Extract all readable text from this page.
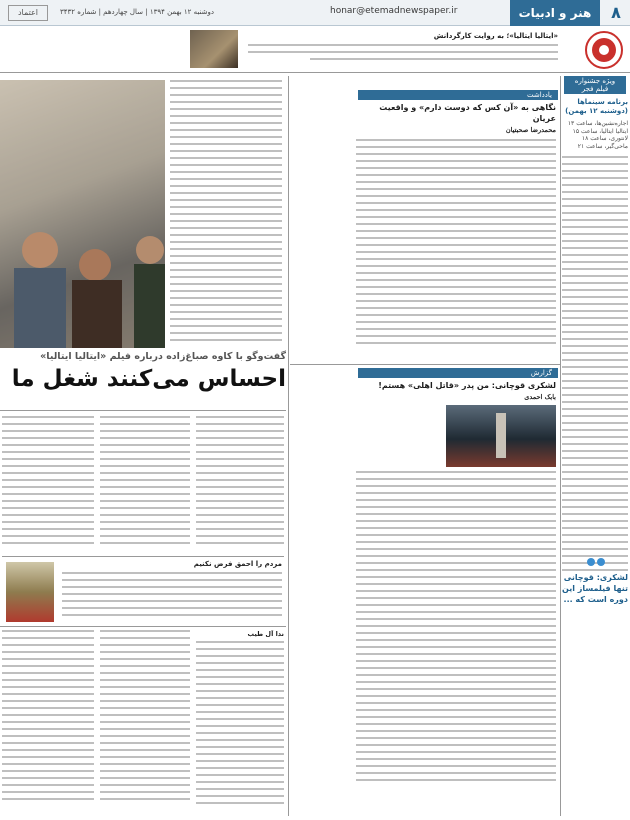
۸
هنر و ادبیات
honar@etemadnewspaper.ir
دوشنبه ۱۲ بهمن ۱۳۹۴ | سال چهاردهم | شماره ۳۴۳۲
اعتماد
«ایتالیا ایتالیا»؛ به روایت کارگردانش
ویژه جشنواره فیلم فجر
برنامه سینماها (دوشنبه ۱۲ بهمن)
اجاره‌نشین‌ها، ساعت ۱۳
ایتالیا ایتالیا، ساعت ۱۵
لانتوری، ساعت ۱۸
ماحی‌گیر، ساعت ۲۱
لشکری: قوچانی تنها فیلمساز این دوره است که ...
یادداشت
نگاهی به «آن کس که دوست دارم» و واقعیت عریان
محمدرضا صحبتیان
گزارش
لشکری قوچانی: من پدر «قاتل اهلی» هستم!
بابک احمدی
گفت‌وگو با کاوه صباغ‌زاده درباره فیلم «ایتالیا ایتالیا»
احساس می‌کنند شغل ما
مردم را احمق فرض نکنیم
ندا آل طیب
